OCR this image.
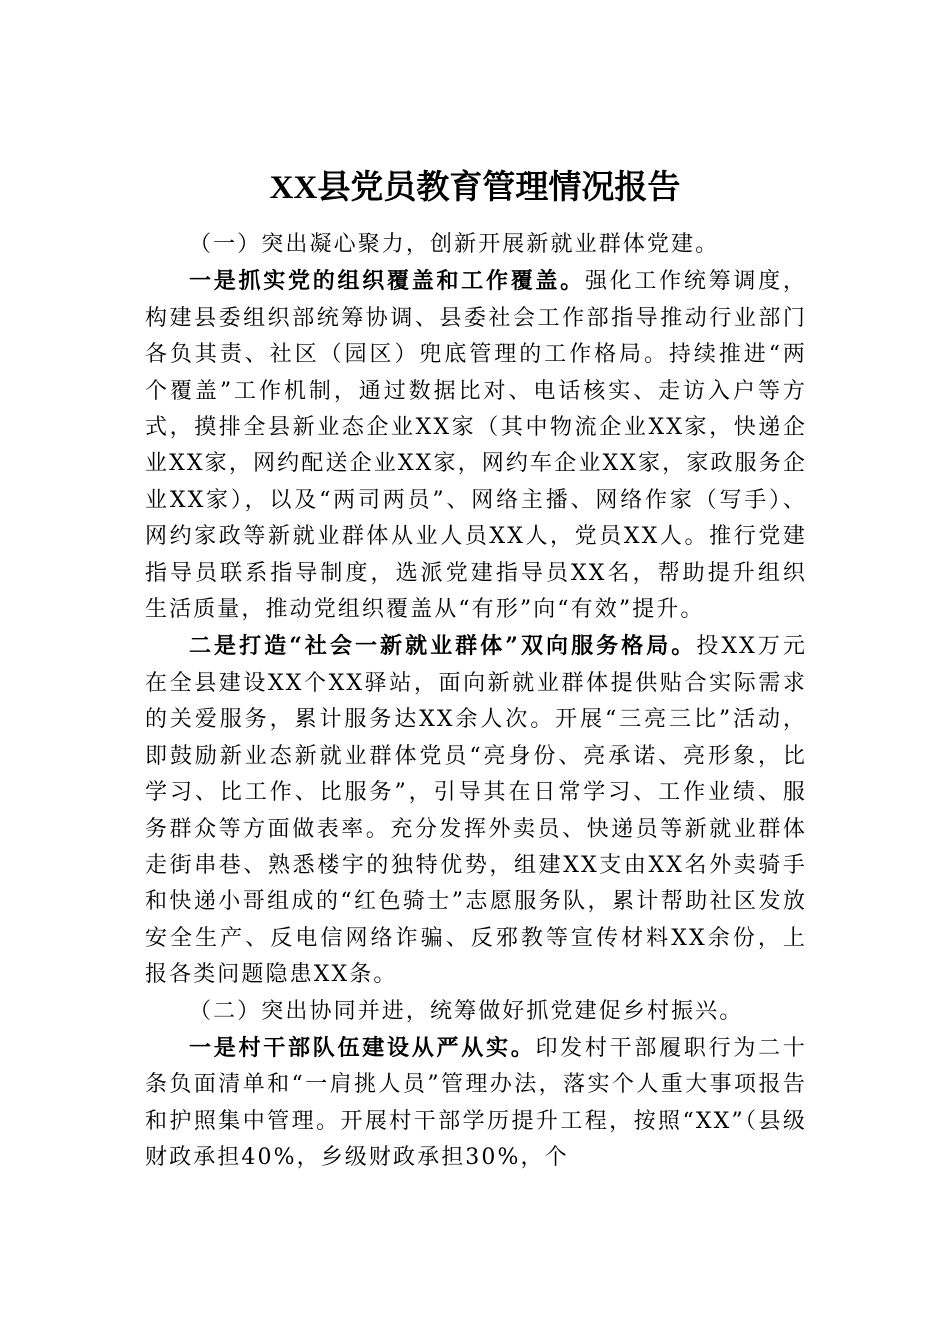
XX县党员教育管理情况报告

（一）突出凝心聚力，创新开展新就业群体党建。

一是抓实党的组织覆盖和工作覆盖。强化工作统筹调度，构建县委组织部统筹协调、县委社会工作部指导推动行业部门各负其责、社区（园区）兜底管理的工作格局。持续推进“两个覆盖”工作机制，通过数据比对、电话核实、走访入户等方式，摸排全县新业态企业XX家（其中物流企业XX家，快递企业XX家，网约配送企业XX家，网约车企业XX家，家政服务企业XX家），以及“两司两员”、网络主播、网络作家（写手）、网约家政等新就业群体从业人员XX人，党员XX人。推行党建指导员联系指导制度，选派党建指导员XX名，帮助提升组织生活质量，推动党组织覆盖从“有形”向“有效”提升。

二是打造“社会一新就业群体”双向服务格局。投XX万元在全县建设XX个XX驿站，面向新就业群体提供贴合实际需求的关爱服务，累计服务达XX余人次。开展“三亮三比”活动，即鼓励新业态新就业群体党员“亮身份、亮承诺、亮形象，比学习、比工作、比服务”，引导其在日常学习、工作业绩、服务群众等方面做表率。充分发挥外卖员、快递员等新就业群体走街串巷、熟悉楼宇的独特优势，组建XX支由XX名外卖骑手和快递小哥组成的“红色骑士”志愿服务队，累计帮助社区发放安全生产、反电信网络诈骗、反邪教等宣传材料XX余份，上报各类问题隐患XX条。

（二）突出协同并进，统筹做好抓党建促乡村振兴。

一是村干部队伍建设从严从实。印发村干部履职行为二十条负面清单和“一肩挑人员”管理办法，落实个人重大事项报告和护照集中管理。开展村干部学历提升工程，按照“XX”（县级财政承担40%，乡级财政承担30%，个
